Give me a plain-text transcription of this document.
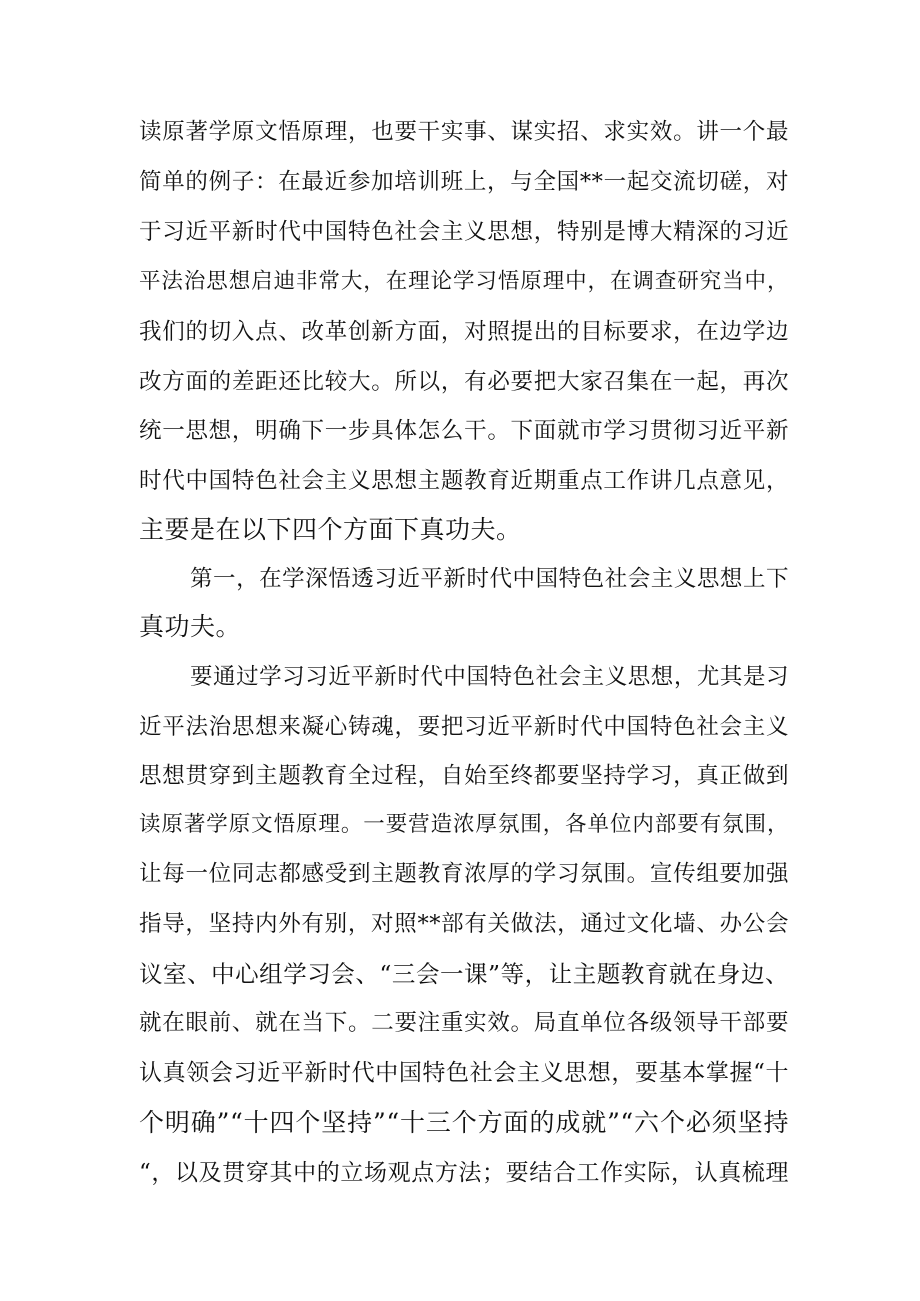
读原著学原文悟原理，也要干实事、谋实招、求实效。讲一个最
简单的例子：在最近参加培训班上，与全国**一起交流切磋，对
于习近平新时代中国特色社会主义思想，特别是博大精深的习近
平法治思想启迪非常大，在理论学习悟原理中，在调查研究当中，
我们的切入点、改革创新方面，对照提出的目标要求，在边学边
改方面的差距还比较大。所以，有必要把大家召集在一起，再次
统一思想，明确下一步具体怎么干。下面就市学习贯彻习近平新
时代中国特色社会主义思想主题教育近期重点工作讲几点意见，
主要是在以下四个方面下真功夫。
第一，在学深悟透习近平新时代中国特色社会主义思想上下
真功夫。
要通过学习习近平新时代中国特色社会主义思想，尤其是习
近平法治思想来凝心铸魂，要把习近平新时代中国特色社会主义
思想贯穿到主题教育全过程，自始至终都要坚持学习，真正做到
读原著学原文悟原理。一要营造浓厚氛围，各单位内部要有氛围，
让每一位同志都感受到主题教育浓厚的学习氛围。宣传组要加强
指导，坚持内外有别，对照**部有关做法，通过文化墙、办公会
议室、中心组学习会、“三会一课”等，让主题教育就在身边、
就在眼前、就在当下。二要注重实效。局直单位各级领导干部要
认真领会习近平新时代中国特色社会主义思想，要基本掌握“十
个明确”“十四个坚持”“十三个方面的成就”“六个必须坚持
“，以及贯穿其中的立场观点方法；要结合工作实际，认真梳理
